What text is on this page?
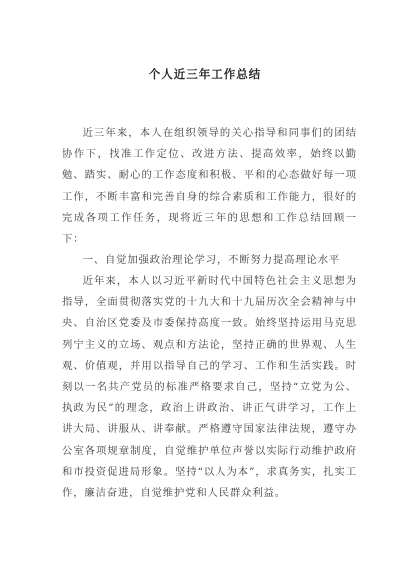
个人近三年工作总结

近三年来，本人在组织领导的关心指导和同事们的团结协作下，找准工作定位、改进方法、提高效率，始终以勤勉、踏实、耐心的工作态度和积极、平和的心态做好每一项工作，不断丰富和完善自身的综合素质和工作能力，很好的完成各项工作任务，现将近三年的思想和工作总结回顾一下：

一、自觉加强政治理论学习，不断努力提高理论水平

近年来，本人以习近平新时代中国特色社会主义思想为指导，全面贯彻落实党的十九大和十九届历次全会精神与中央、自治区党委及市委保持高度一致。始终坚持运用马克思列宁主义的立场、观点和方法论，坚持正确的世界观、人生观、价值观，并用以指导自己的学习、工作和生活实践。时刻以一名共产党员的标准严格要求自己，坚持“立党为公、执政为民”的理念，政治上讲政治、讲正气讲学习，工作上讲大局、讲服从、讲奉献。严格遵守国家法律法规，遵守办公室各项规章制度，自觉维护单位声誉以实际行动维护政府和市投资促进局形象。坚持“以人为本”，求真务实，扎实工作，廉洁奋进，自觉维护党和人民群众利益。
